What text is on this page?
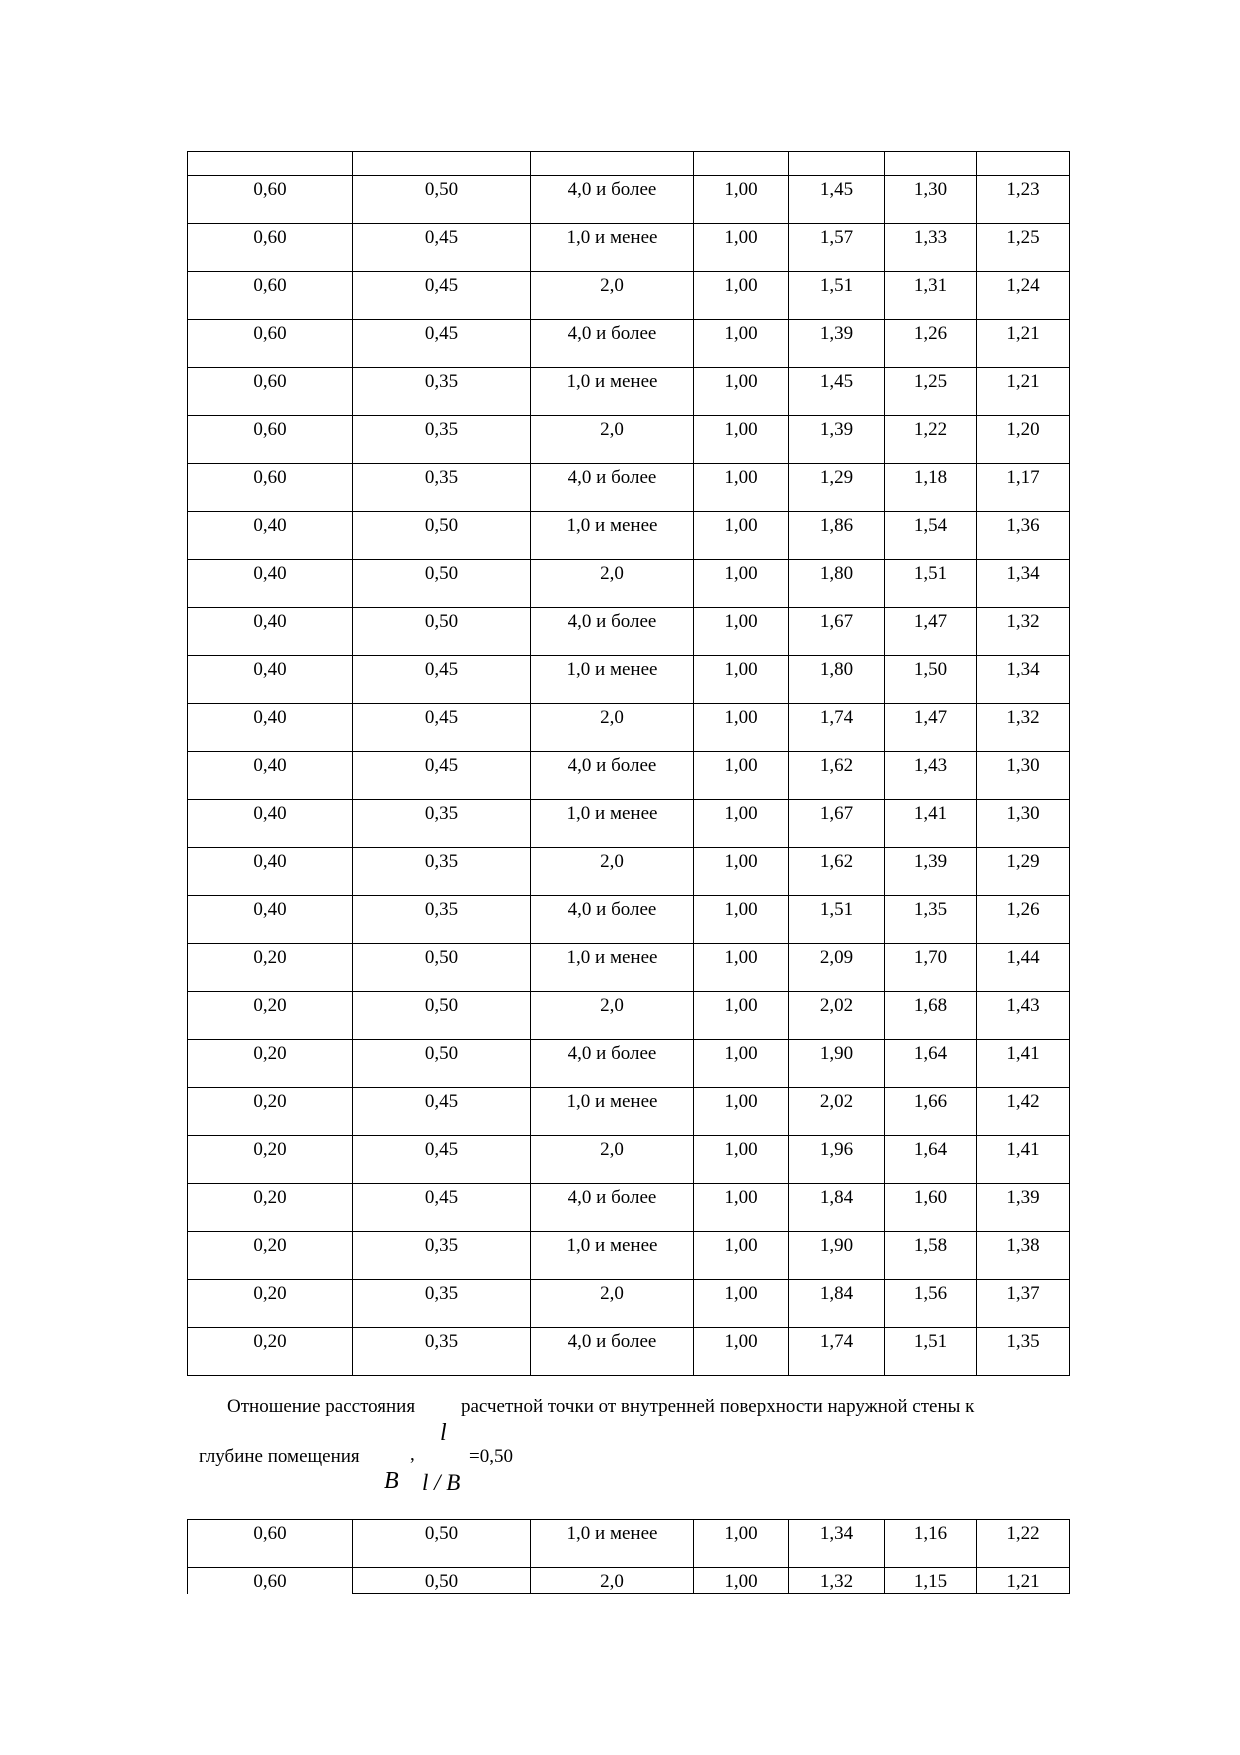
0,60	0,50	4,0 и более	1,00	1,45	1,30	1,23
0,60	0,45	1,0 и менее	1,00	1,57	1,33	1,25
0,60	0,45	2,0	1,00	1,51	1,31	1,24
0,60	0,45	4,0 и более	1,00	1,39	1,26	1,21
0,60	0,35	1,0 и менее	1,00	1,45	1,25	1,21
0,60	0,35	2,0	1,00	1,39	1,22	1,20
0,60	0,35	4,0 и более	1,00	1,29	1,18	1,17
0,40	0,50	1,0 и менее	1,00	1,86	1,54	1,36
0,40	0,50	2,0	1,00	1,80	1,51	1,34
0,40	0,50	4,0 и более	1,00	1,67	1,47	1,32
0,40	0,45	1,0 и менее	1,00	1,80	1,50	1,34
0,40	0,45	2,0	1,00	1,74	1,47	1,32
0,40	0,45	4,0 и более	1,00	1,62	1,43	1,30
0,40	0,35	1,0 и менее	1,00	1,67	1,41	1,30
0,40	0,35	2,0	1,00	1,62	1,39	1,29
0,40	0,35	4,0 и более	1,00	1,51	1,35	1,26
0,20	0,50	1,0 и менее	1,00	2,09	1,70	1,44
0,20	0,50	2,0	1,00	2,02	1,68	1,43
0,20	0,50	4,0 и более	1,00	1,90	1,64	1,41
0,20	0,45	1,0 и менее	1,00	2,02	1,66	1,42
0,20	0,45	2,0	1,00	1,96	1,64	1,41
0,20	0,45	4,0 и более	1,00	1,84	1,60	1,39
0,20	0,35	1,0 и менее	1,00	1,90	1,58	1,38
0,20	0,35	2,0	1,00	1,84	1,56	1,37
0,20	0,35	4,0 и более	1,00	1,74	1,51	1,35
Отношение расстояния расчетной точки от внутренней поверхности наружной стены к
l
глубине помещения
B
,
l / B
=0,50
0,60	0,50	1,0 и менее	1,00	1,34	1,16	1,22
0,60	0,50	2,0	1,00	1,32	1,15	1,21
